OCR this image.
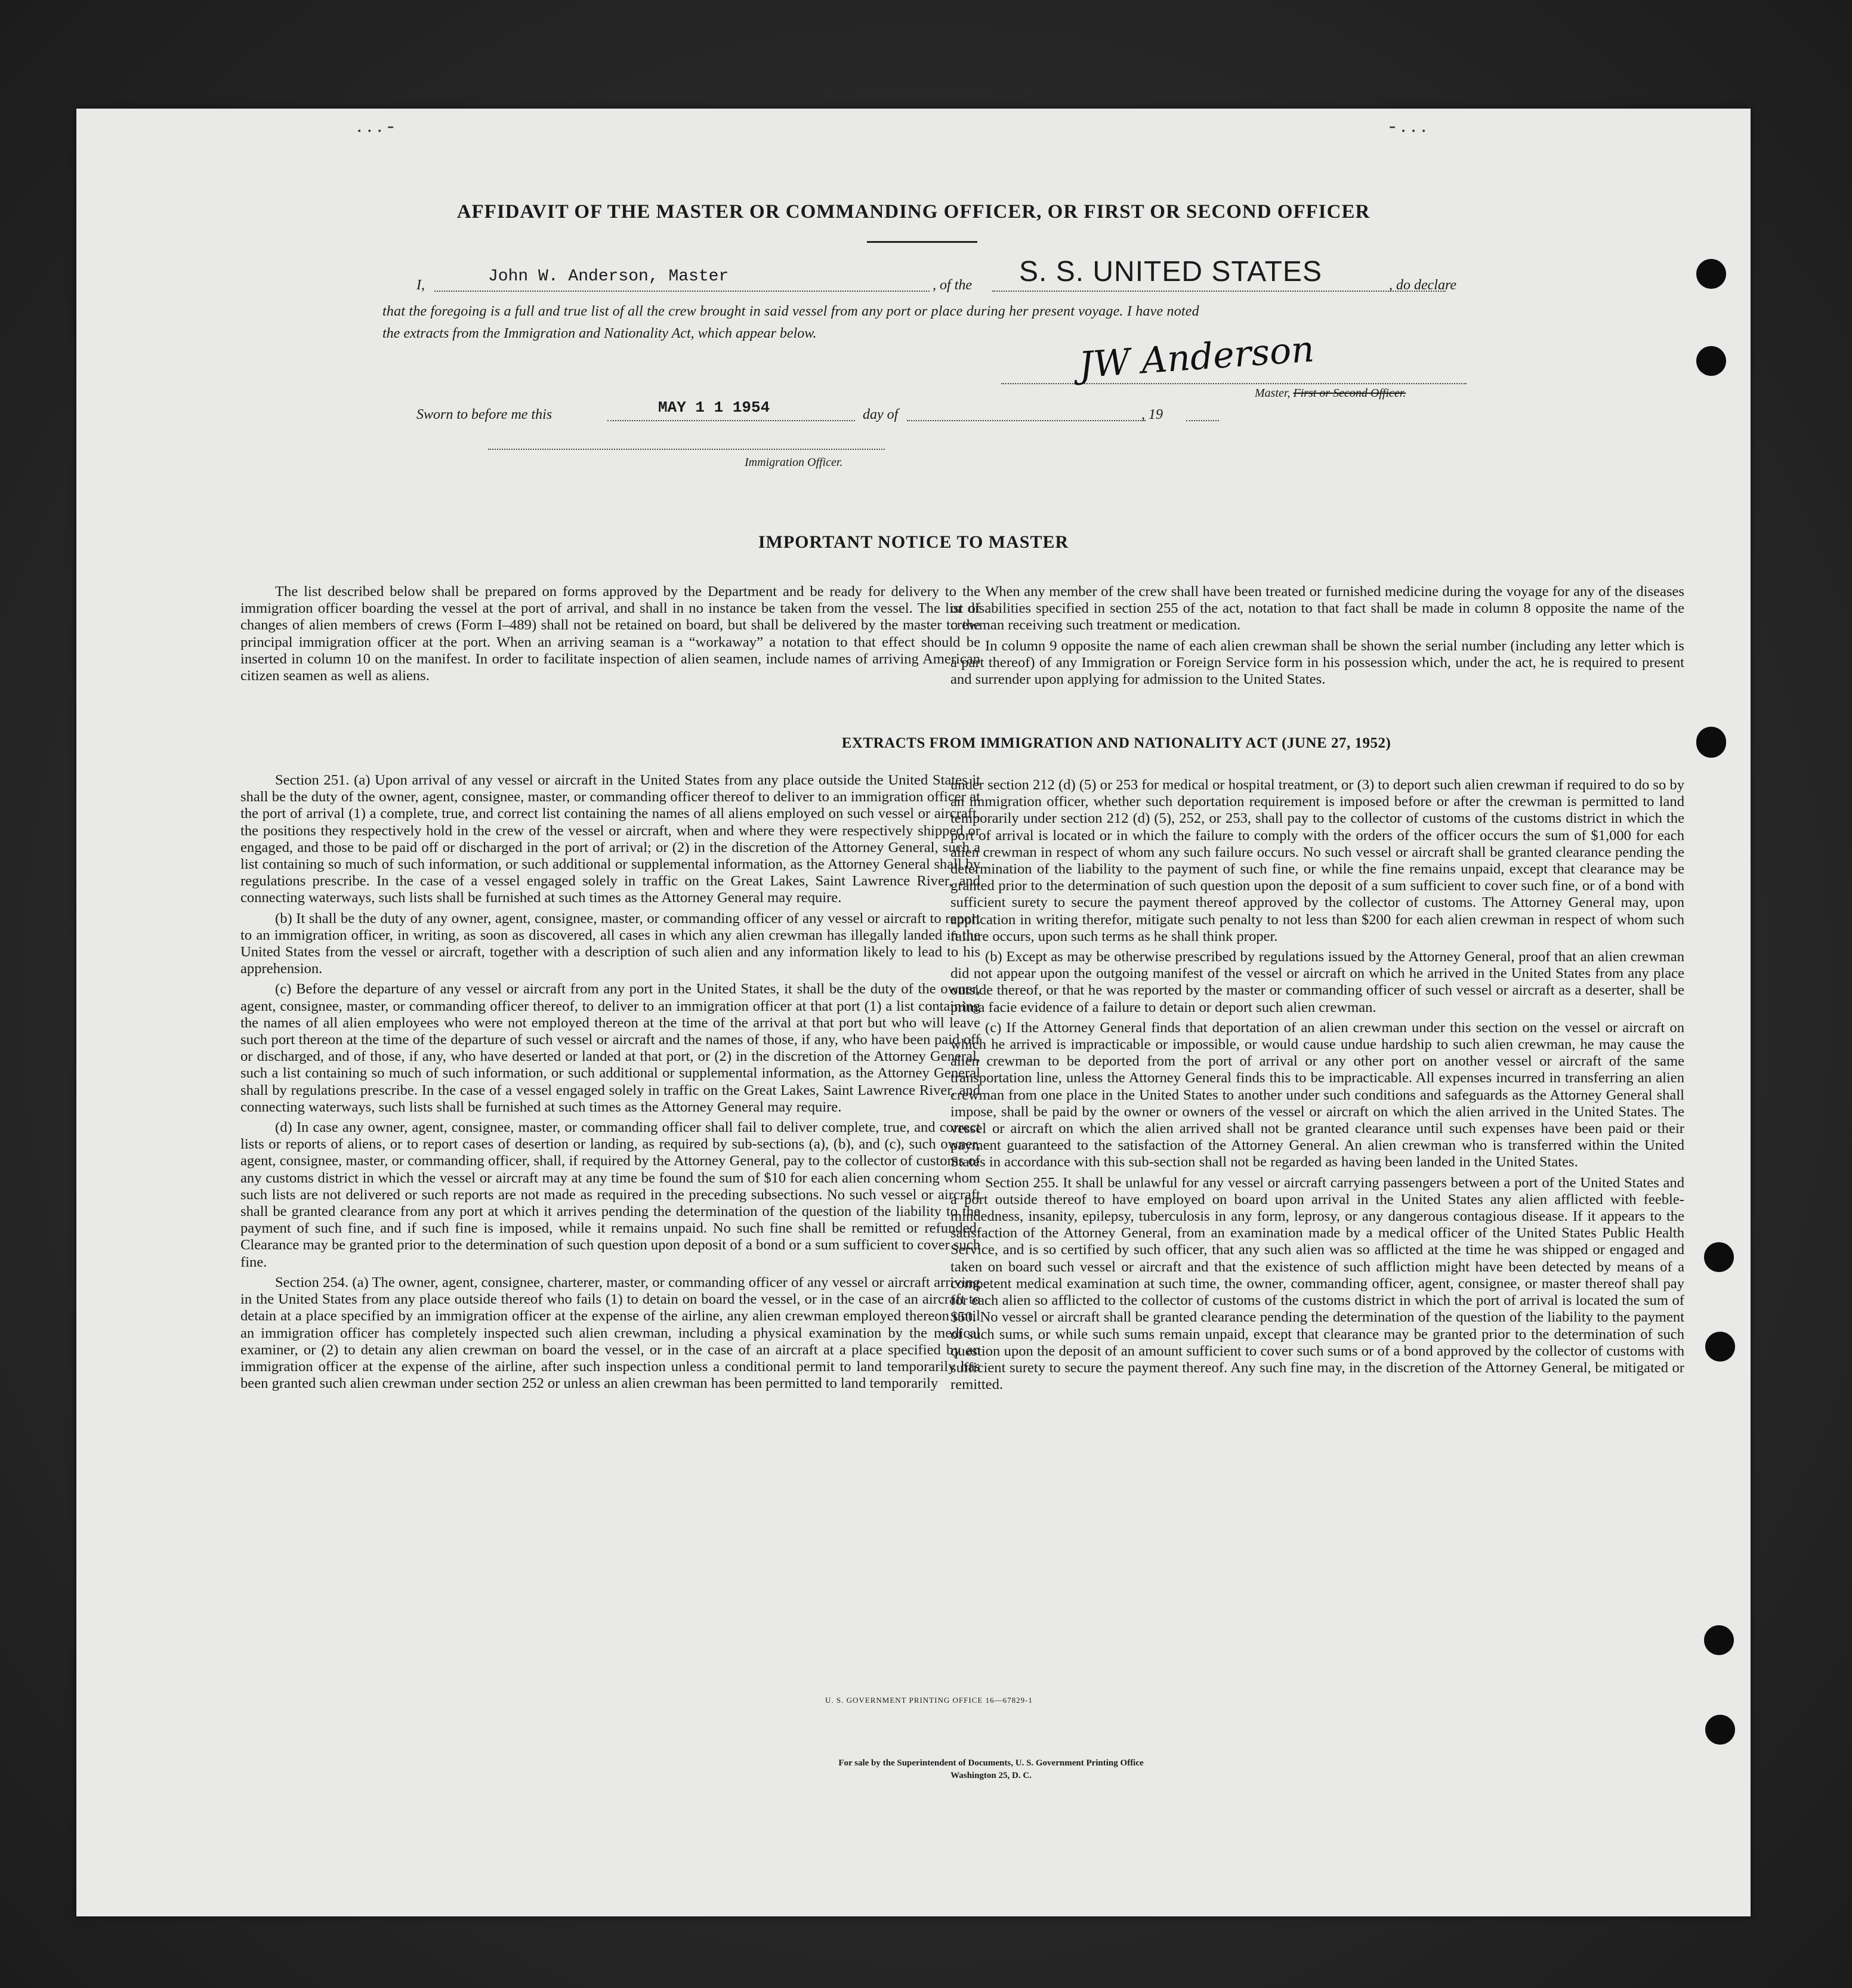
. . . -	- . . .
AFFIDAVIT OF THE MASTER OR COMMANDING OFFICER, OR FIRST OR SECOND OFFICER
I,	John W. Anderson, Master	, of the S. S. UNITED STATES	, do declare
that the foregoing is a full and true list of all the crew brought in said vessel from any port or place during her present voyage. I have noted
the extracts from the Immigration and Nationality Act, which appear below.	JW Anderson
Master, First or Second Officer.
Sworn to before me this	MAY 1 1 1954	day of	, 19
Immigration Officer.
IMPORTANT NOTICE TO MASTER

The list described below shall be prepared on forms approved by the Department and be ready for delivery to the immigration officer boarding the vessel at the port of arrival, and shall in no instance be taken from the vessel. The list of changes of alien members of crews (Form I–489) shall not be retained on board, but shall be delivered by the master to the principal immigration officer at the port. When an arriving seaman is a “workaway” a notation to that effect should be inserted in column 10 on the manifest. In order to facilitate inspection of alien seamen, include names of arriving American citizen seamen as well as aliens.

When any member of the crew shall have been treated or furnished medicine during the voyage for any of the diseases or disabilities specified in section 255 of the act, notation to that fact shall be made in column 8 opposite the name of the crewman receiving such treatment or medication.

In column 9 opposite the name of each alien crewman shall be shown the serial number (including any letter which is a part thereof) of any Immigration or Foreign Service form in his possession which, under the act, he is required to present and surrender upon applying for admission to the United States.

EXTRACTS FROM IMMIGRATION AND NATIONALITY ACT (JUNE 27, 1952)

Section 251. (a) Upon arrival of any vessel or aircraft in the United States from any place outside the United States it shall be the duty of the owner, agent, consignee, master, or commanding officer thereof to deliver to an immigration officer at the port of arrival (1) a complete, true, and correct list containing the names of all aliens employed on such vessel or aircraft, the positions they respectively hold in the crew of the vessel or aircraft, when and where they were respectively shipped or engaged, and those to be paid off or discharged in the port of arrival; or (2) in the discretion of the Attorney General, such a list containing so much of such information, or such additional or supplemental information, as the Attorney General shall by regulations prescribe. In the case of a vessel engaged solely in traffic on the Great Lakes, Saint Lawrence River, and connecting waterways, such lists shall be furnished at such times as the Attorney General may require.

(b) It shall be the duty of any owner, agent, consignee, master, or commanding officer of any vessel or aircraft to report to an immigration officer, in writing, as soon as discovered, all cases in which any alien crewman has illegally landed in the United States from the vessel or aircraft, together with a description of such alien and any information likely to lead to his apprehension.

(c) Before the departure of any vessel or aircraft from any port in the United States, it shall be the duty of the owner, agent, consignee, master, or commanding officer thereof, to deliver to an immigration officer at that port (1) a list containing the names of all alien employees who were not employed thereon at the time of the arrival at that port but who will leave such port thereon at the time of the departure of such vessel or aircraft and the names of those, if any, who have been paid off or discharged, and of those, if any, who have deserted or landed at that port, or (2) in the discretion of the Attorney General, such a list containing so much of such information, or such additional or supplemental information, as the Attorney General shall by regulations prescribe. In the case of a vessel engaged solely in traffic on the Great Lakes, Saint Lawrence River, and connecting waterways, such lists shall be furnished at such times as the Attorney General may require.

(d) In case any owner, agent, consignee, master, or commanding officer shall fail to deliver complete, true, and correct lists or reports of aliens, or to report cases of desertion or landing, as required by sub-sections (a), (b), and (c), such owner, agent, consignee, master, or commanding officer, shall, if required by the Attorney General, pay to the collector of customs of any customs district in which the vessel or aircraft may at any time be found the sum of $10 for each alien concerning whom such lists are not delivered or such reports are not made as required in the preceding subsections. No such vessel or aircraft shall be granted clearance from any port at which it arrives pending the determination of the question of the liability to the payment of such fine, and if such fine is imposed, while it remains unpaid. No such fine shall be remitted or refunded. Clearance may be granted prior to the determination of such question upon deposit of a bond or a sum sufficient to cover such fine.

Section 254. (a) The owner, agent, consignee, charterer, master, or commanding officer of any vessel or aircraft arriving in the United States from any place outside thereof who fails (1) to detain on board the vessel, or in the case of an aircraft to detain at a place specified by an immigration officer at the expense of the airline, any alien crewman employed thereon until an immigration officer has completely inspected such alien crewman, including a physical examination by the medical examiner, or (2) to detain any alien crewman on board the vessel, or in the case of an aircraft at a place specified by an immigration officer at the expense of the airline, after such inspection unless a conditional permit to land temporarily has been granted such alien crewman under section 252 or unless an alien crewman has been permitted to land temporarily

under section 212 (d) (5) or 253 for medical or hospital treatment, or (3) to deport such alien crewman if required to do so by an immigration officer, whether such deportation requirement is imposed before or after the crewman is permitted to land temporarily under section 212 (d) (5), 252, or 253, shall pay to the collector of customs of the customs district in which the port of arrival is located or in which the failure to comply with the orders of the officer occurs the sum of $1,000 for each alien crewman in respect of whom any such failure occurs. No such vessel or aircraft shall be granted clearance pending the determination of the liability to the payment of such fine, or while the fine remains unpaid, except that clearance may be granted prior to the determination of such question upon the deposit of a sum sufficient to cover such fine, or of a bond with sufficient surety to secure the payment thereof approved by the collector of customs. The Attorney General may, upon application in writing therefor, mitigate such penalty to not less than $200 for each alien crewman in respect of whom such failure occurs, upon such terms as he shall think proper.

(b) Except as may be otherwise prescribed by regulations issued by the Attorney General, proof that an alien crewman did not appear upon the outgoing manifest of the vessel or aircraft on which he arrived in the United States from any place outside thereof, or that he was reported by the master or commanding officer of such vessel or aircraft as a deserter, shall be prima facie evidence of a failure to detain or deport such alien crewman.

(c) If the Attorney General finds that deportation of an alien crewman under this section on the vessel or aircraft on which he arrived is impracticable or impossible, or would cause undue hardship to such alien crewman, he may cause the alien crewman to be deported from the port of arrival or any other port on another vessel or aircraft of the same transportation line, unless the Attorney General finds this to be impracticable. All expenses incurred in transferring an alien crewman from one place in the United States to another under such conditions and safeguards as the Attorney General shall impose, shall be paid by the owner or owners of the vessel or aircraft on which the alien arrived in the United States. The vessel or aircraft on which the alien arrived shall not be granted clearance until such expenses have been paid or their payment guaranteed to the satisfaction of the Attorney General. An alien crewman who is transferred within the United States in accordance with this sub-section shall not be regarded as having been landed in the United States.

Section 255. It shall be unlawful for any vessel or aircraft carrying passengers between a port of the United States and a port outside thereof to have employed on board upon arrival in the United States any alien afflicted with feeble-mindedness, insanity, epilepsy, tuberculosis in any form, leprosy, or any dangerous contagious disease. If it appears to the satisfaction of the Attorney General, from an examination made by a medical officer of the United States Public Health Service, and is so certified by such officer, that any such alien was so afflicted at the time he was shipped or engaged and taken on board such vessel or aircraft and that the existence of such affliction might have been detected by means of a competent medical examination at such time, the owner, commanding officer, agent, consignee, or master thereof shall pay for each alien so afflicted to the collector of customs of the customs district in which the port of arrival is located the sum of $50. No vessel or aircraft shall be granted clearance pending the determination of the question of the liability to the payment of such sums, or while such sums remain unpaid, except that clearance may be granted prior to the determination of such question upon the deposit of an amount sufficient to cover such sums or of a bond approved by the collector of customs with sufficient surety to secure the payment thereof. Any such fine may, in the discretion of the Attorney General, be mitigated or remitted.

U. S. GOVERNMENT PRINTING OFFICE 16—67829-1
For sale by the Superintendent of Documents, U. S. Government Printing Office
Washington 25, D. C.
